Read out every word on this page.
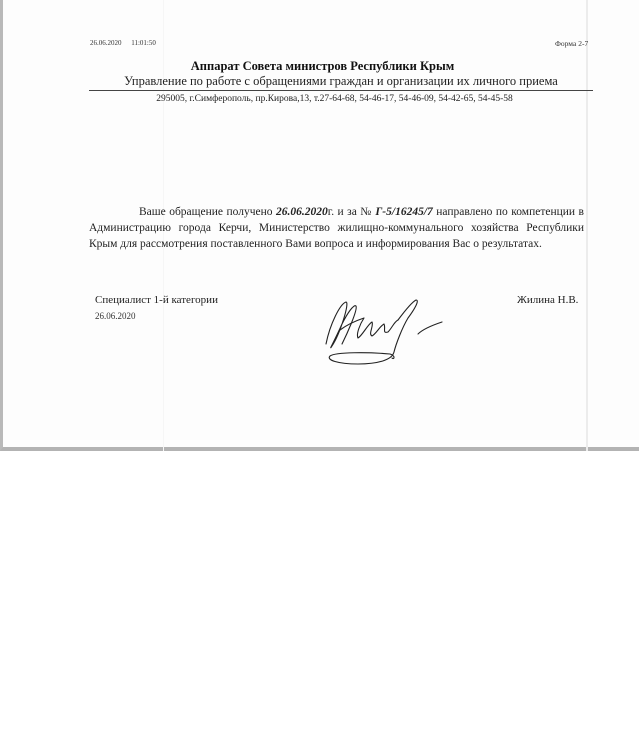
26.06.2020 11:01:50	Форма 2-7
Аппарат Совета министров Республики Крым
Управление по работе с обращениями граждан и организации их личного приема
295005, г.Симферополь, пр.Кирова,13, т.27-64-68, 54-46-17, 54-46-09, 54-42-65, 54-45-58
Ваше обращение получено 26.06.2020г. и за № Г-5/16245/7 направлено по компетенции в Администрацию города Керчи, Министерство жилищно-коммунального хозяйства Республики Крым для рассмотрения поставленного Вами вопроса и информирования Вас о результатах.
Специалист 1-й категории
26.06.2020
Жилина Н.В.
